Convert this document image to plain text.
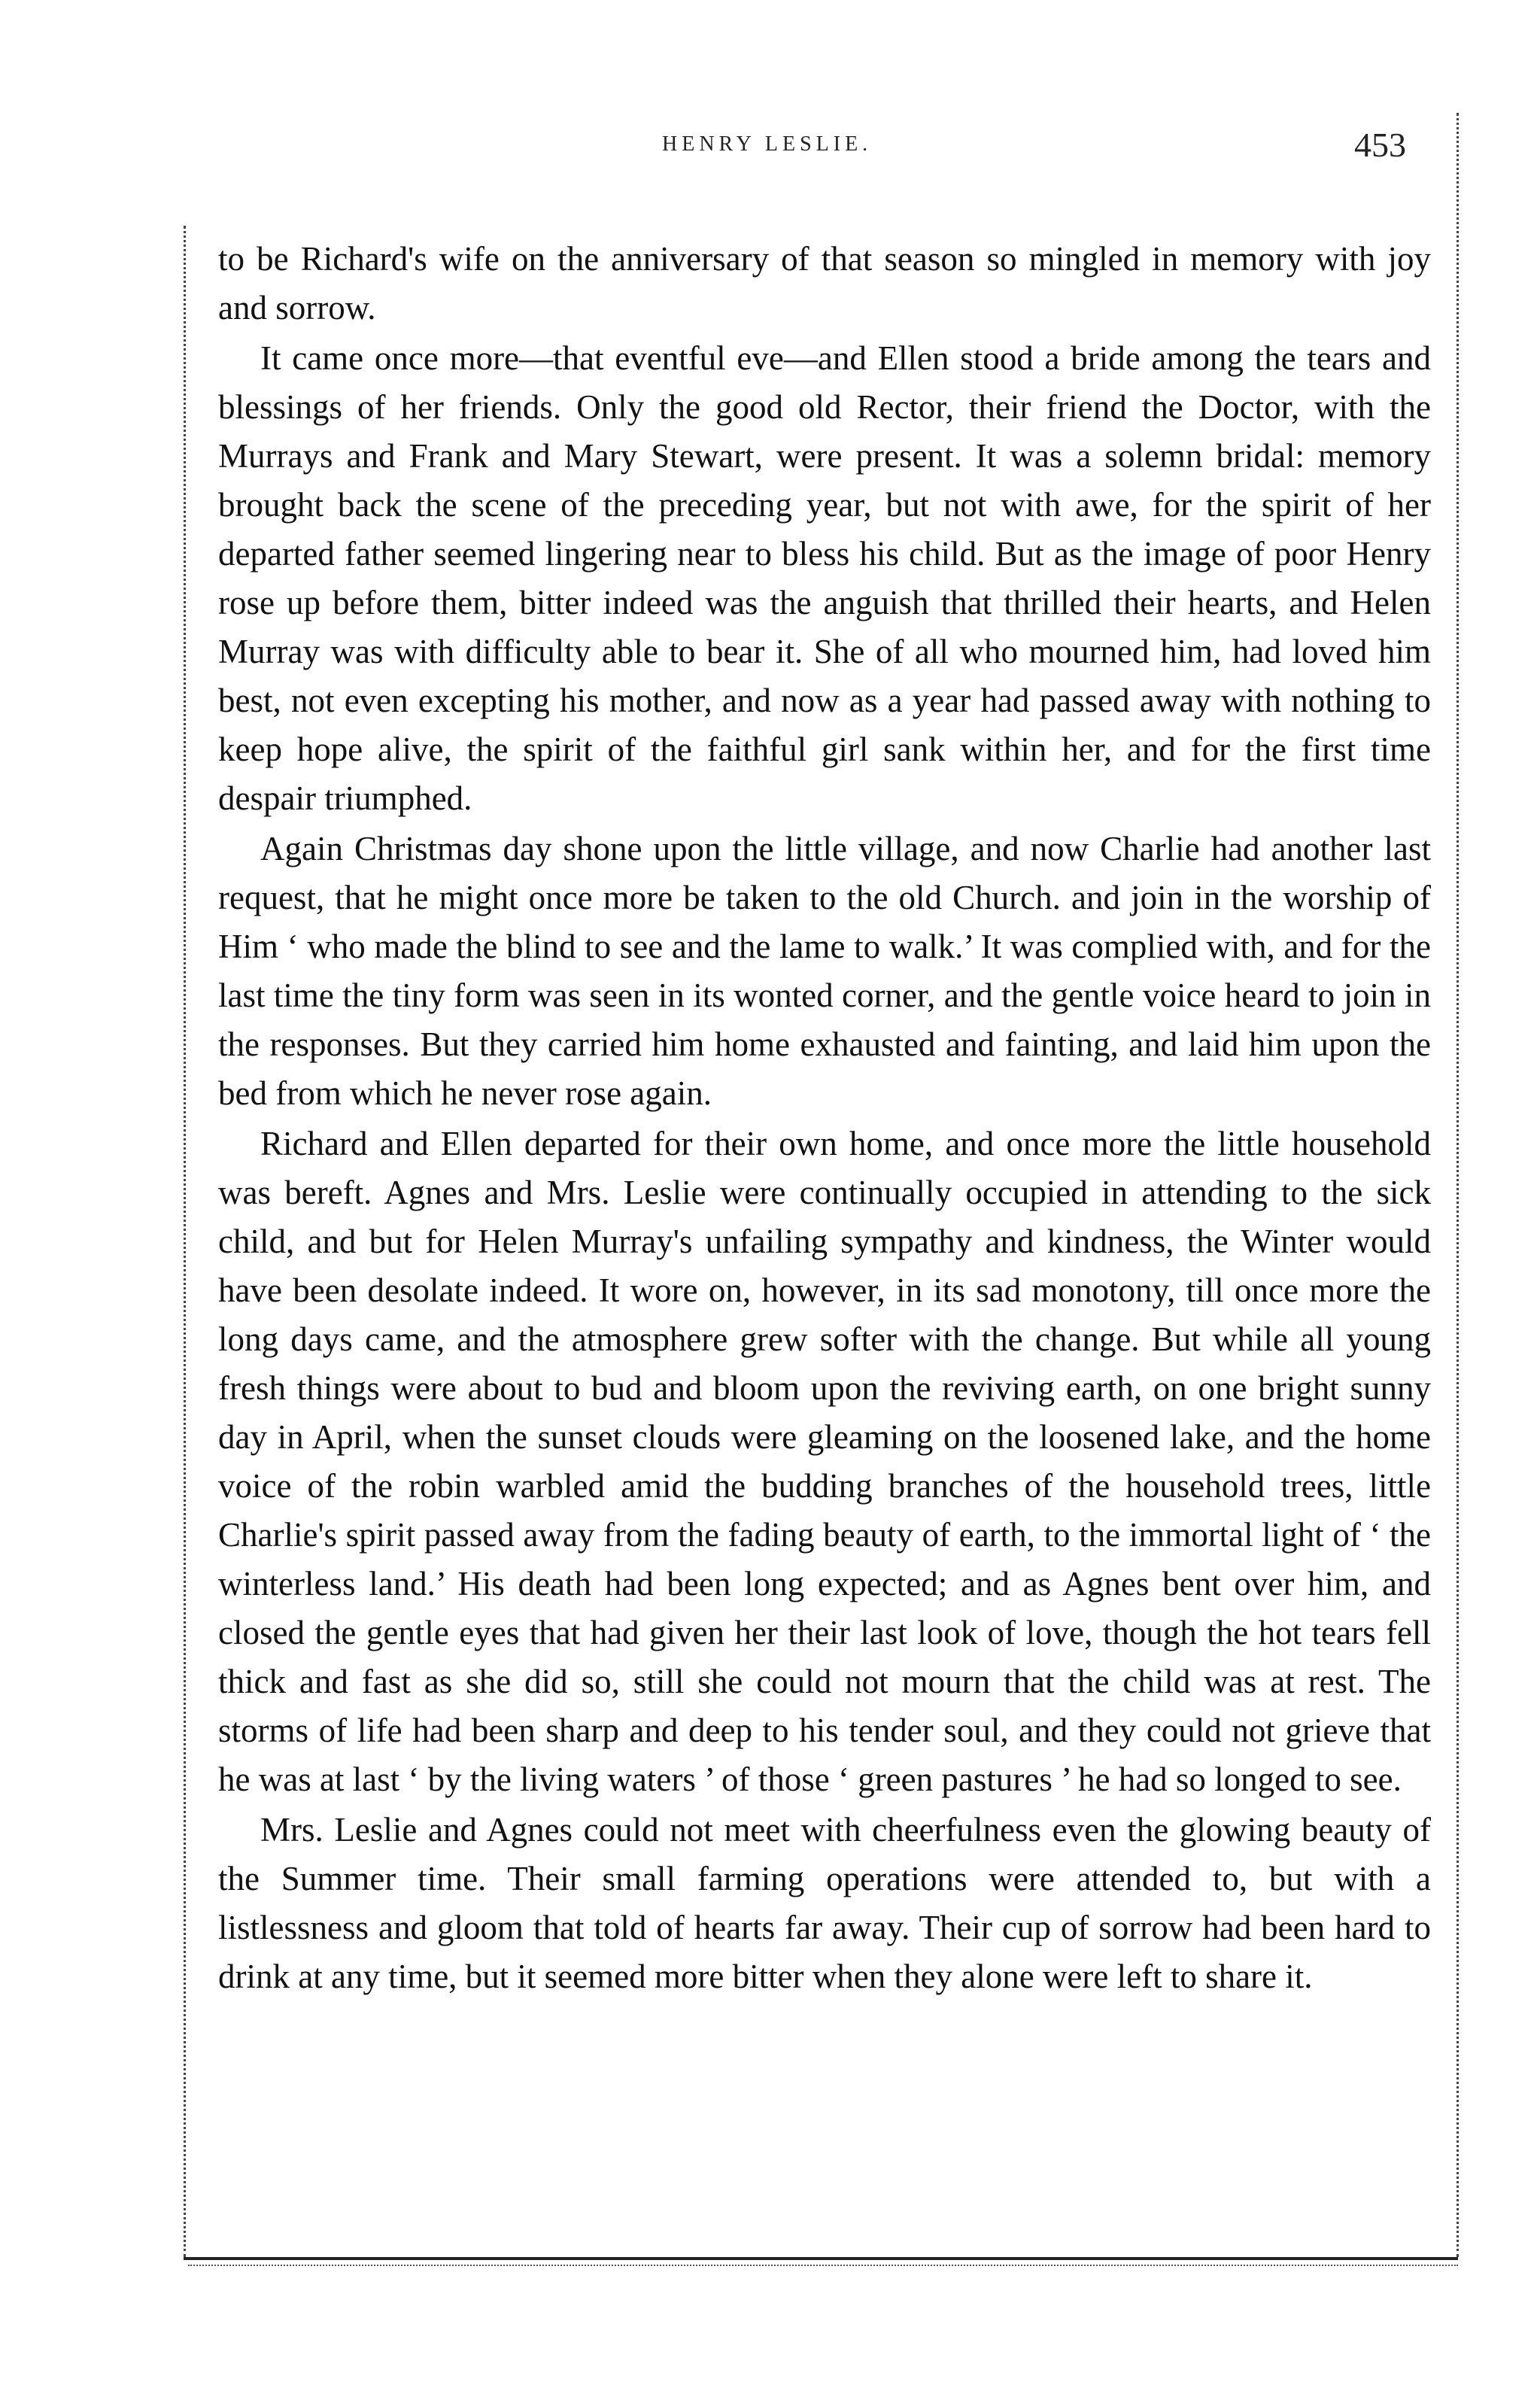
HENRY LESLIE.	453

to be Richard's wife on the anniversary of that season so mingled in memory with joy and sorrow.

It came once more—that eventful eve—and Ellen stood a bride among the tears and blessings of her friends. Only the good old Rector, their friend the Doctor, with the Murrays and Frank and Mary Stewart, were present. It was a solemn bridal: memory brought back the scene of the preceding year, but not with awe, for the spirit of her departed father seemed lingering near to bless his child. But as the image of poor Henry rose up before them, bitter indeed was the anguish that thrilled their hearts, and Helen Murray was with difficulty able to bear it. She of all who mourned him, had loved him best, not even excepting his mother, and now as a year had passed away with nothing to keep hope alive, the spirit of the faithful girl sank within her, and for the first time despair triumphed.

Again Christmas day shone upon the little village, and now Charlie had another last request, that he might once more be taken to the old Church. and join in the worship of Him ‘ who made the blind to see and the lame to walk.’ It was complied with, and for the last time the tiny form was seen in its wonted corner, and the gentle voice heard to join in the responses. But they carried him home exhausted and fainting, and laid him upon the bed from which he never rose again.

Richard and Ellen departed for their own home, and once more the little household was bereft. Agnes and Mrs. Leslie were continually occupied in attending to the sick child, and but for Helen Murray's unfailing sympathy and kindness, the Winter would have been desolate indeed. It wore on, however, in its sad monotony, till once more the long days came, and the atmosphere grew softer with the change. But while all young fresh things were about to bud and bloom upon the reviving earth, on one bright sunny day in April, when the sunset clouds were gleaming on the loosened lake, and the home voice of the robin warbled amid the budding branches of the household trees, little Charlie's spirit passed away from the fading beauty of earth, to the immortal light of ‘ the winterless land.’ His death had been long expected; and as Agnes bent over him, and closed the gentle eyes that had given her their last look of love, though the hot tears fell thick and fast as she did so, still she could not mourn that the child was at rest. The storms of life had been sharp and deep to his tender soul, and they could not grieve that he was at last ‘ by the living waters ’ of those ‘ green pastures ’ he had so longed to see.

Mrs. Leslie and Agnes could not meet with cheerfulness even the glowing beauty of the Summer time. Their small farming operations were attended to, but with a listlessness and gloom that told of hearts far away. Their cup of sorrow had been hard to drink at any time, but it seemed more bitter when they alone were left to share it.
